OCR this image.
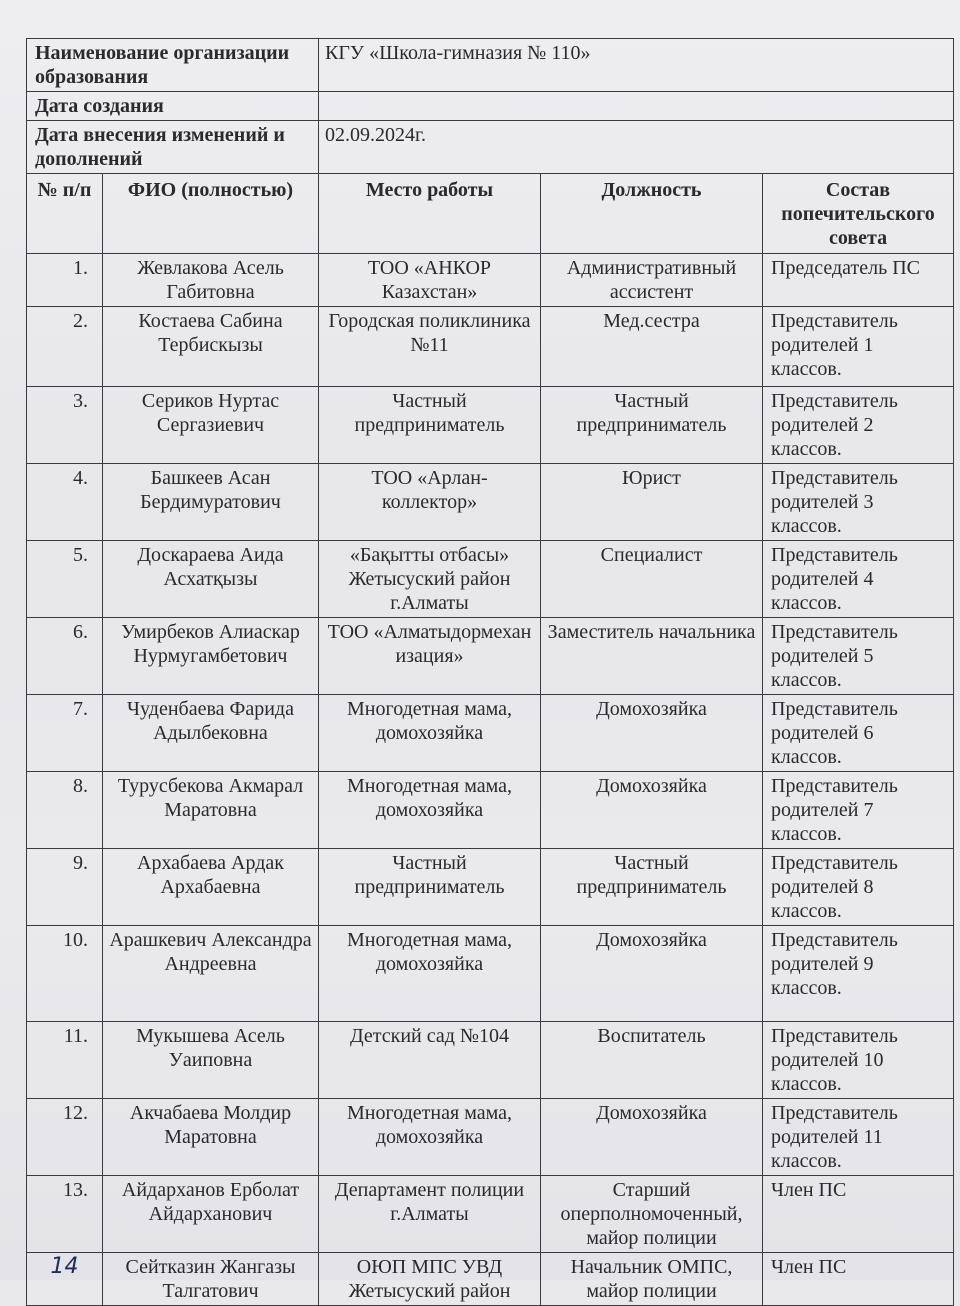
Наименование организации образования	КГУ «Школа-гимназия № 110»
Дата создания	
Дата внесения изменений и дополнений	02.09.2024г.
№ п/п	ФИО (полностью)	Место работы	Должность	Состав попечительского совета
1.	Жевлакова Асель Габитовна	ТОО «АНКОР Казахстан»	Административный ассистент	Председатель ПС
2.	Костаева Сабина Тербискызы	Городская поликлиника №11	Мед.сестра	Представитель родителей 1 классов.
3.	Сериков Нуртас Сергазиевич	Частный предприниматель	Частный предприниматель	Представитель родителей 2 классов.
4.	Башкеев Асан Бердимуратович	ТОО «Арлан-коллектор»	Юрист	Представитель родителей 3 классов.
5.	Доскараева Аида Асхатқызы	«Бақытты отбасы» Жетысуский район г.Алматы	Специалист	Представитель родителей 4 классов.
6.	Умирбеков Алиаскар Нурмугамбетович	ТОО «Алматыдормеханизация»	Заместитель начальника	Представитель родителей 5 классов.
7.	Чуденбаева Фарида Адылбековна	Многодетная мама, домохозяйка	Домохозяйка	Представитель родителей 6 классов.
8.	Турусбекова Акмарал Маратовна	Многодетная мама, домохозяйка	Домохозяйка	Представитель родителей 7 классов.
9.	Архабаева Ардак Архабаевна	Частный предприниматель	Частный предприниматель	Представитель родителей 8 классов.
10.	Арашкевич Александра Андреевна	Многодетная мама, домохозяйка	Домохозяйка	Представитель родителей 9 классов.
11.	Мукышева Асель Уаиповна	Детский сад №104	Воспитатель	Представитель родителей 10 классов.
12.	Акчабаева Молдир Маратовна	Многодетная мама, домохозяйка	Домохозяйка	Представитель родителей 11 классов.
13.	Айдарханов Ерболат Айдарханович	Департамент полиции г.Алматы	Старший оперполномоченный, майор полиции	Член ПС
14	Сейтказин Жангазы Талгатович	ОЮП МПС УВД Жетысуский район	Начальник ОМПС, майор полиции	Член ПС
